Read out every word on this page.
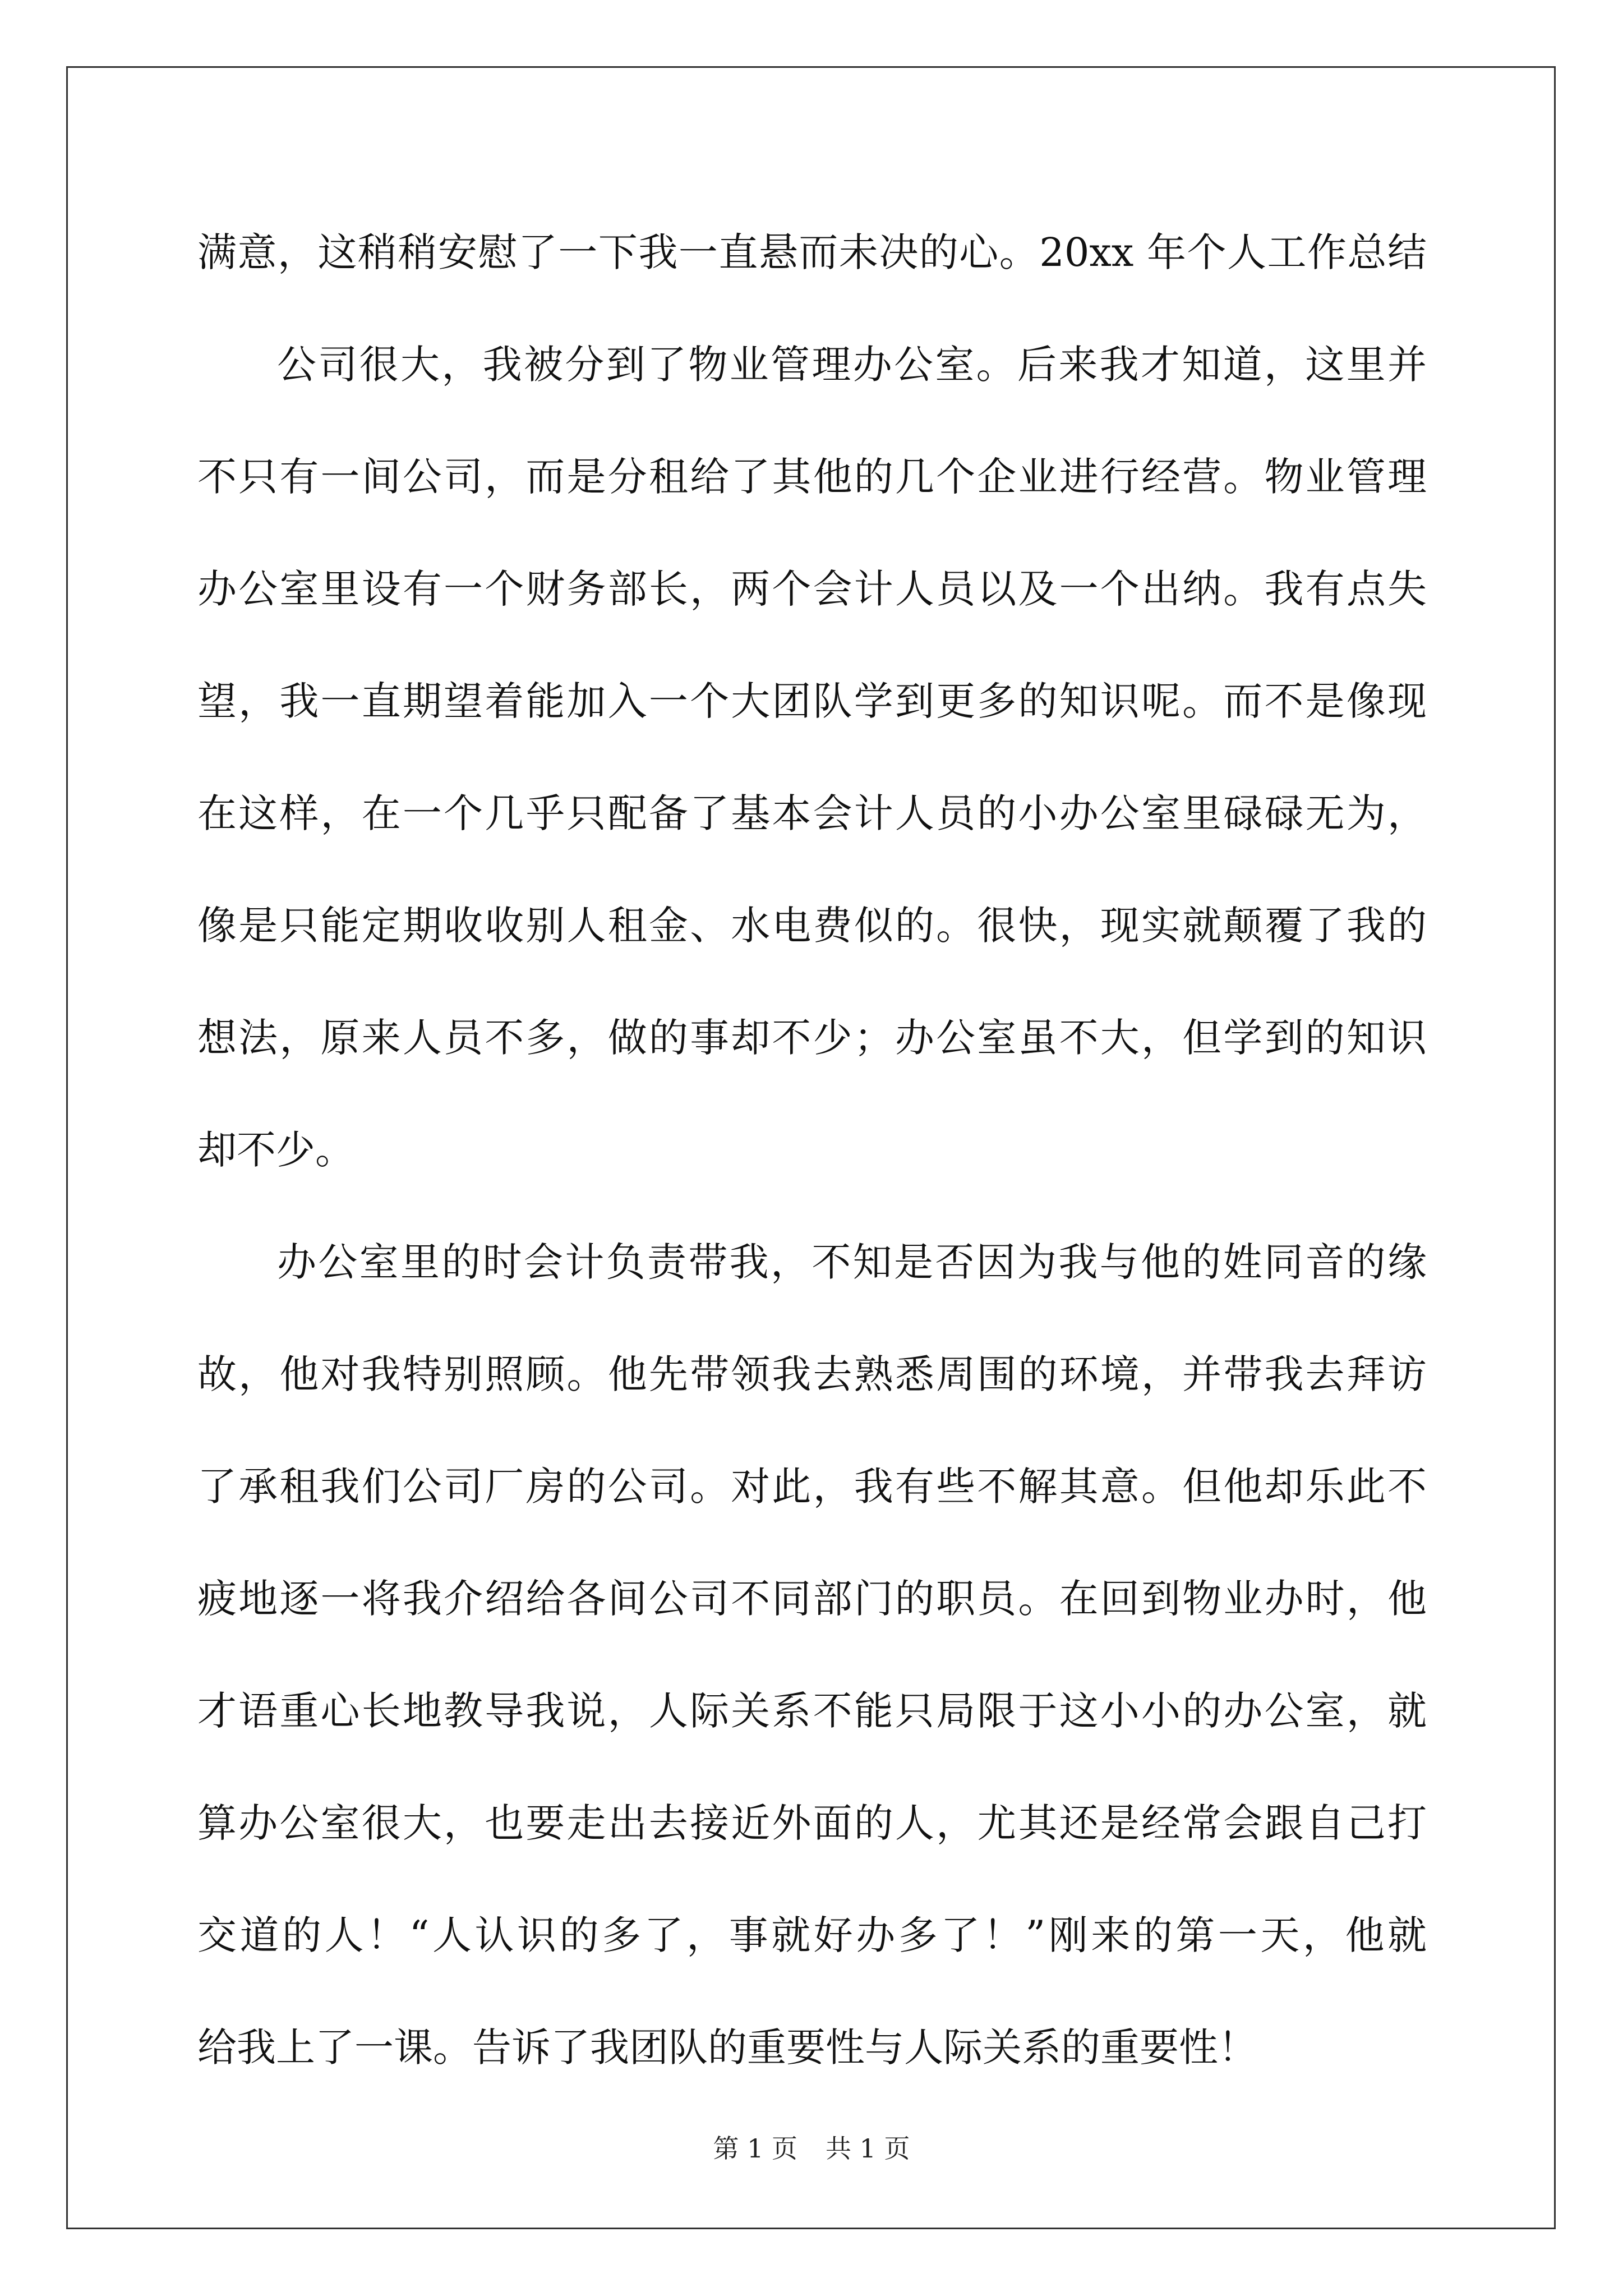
满意，这稍稍安慰了一下我一直悬而未决的心。20xx 年个人工作总结
公司很大，我被分到了物业管理办公室。后来我才知道，这里并
不只有一间公司，而是分租给了其他的几个企业进行经营。物业管理
办公室里设有一个财务部长，两个会计人员以及一个出纳。我有点失
望，我一直期望着能加入一个大团队学到更多的知识呢。而不是像现
在这样，在一个几乎只配备了基本会计人员的小办公室里碌碌无为，
像是只能定期收收别人租金、水电费似的。很快，现实就颠覆了我的
想法，原来人员不多，做的事却不少；办公室虽不大，但学到的知识
却不少。
办公室里的时会计负责带我，不知是否因为我与他的姓同音的缘
故，他对我特别照顾。他先带领我去熟悉周围的环境，并带我去拜访
了承租我们公司厂房的公司。对此，我有些不解其意。但他却乐此不
疲地逐一将我介绍给各间公司不同部门的职员。在回到物业办时，他
才语重心长地教导我说，人际关系不能只局限于这小小的办公室，就
算办公室很大，也要走出去接近外面的人，尤其还是经常会跟自己打
交道的人！“人认识的多了，事就好办多了！”刚来的第一天，他就
给我上了一课。告诉了我团队的重要性与人际关系的重要性！
第 1 页 共 1 页
